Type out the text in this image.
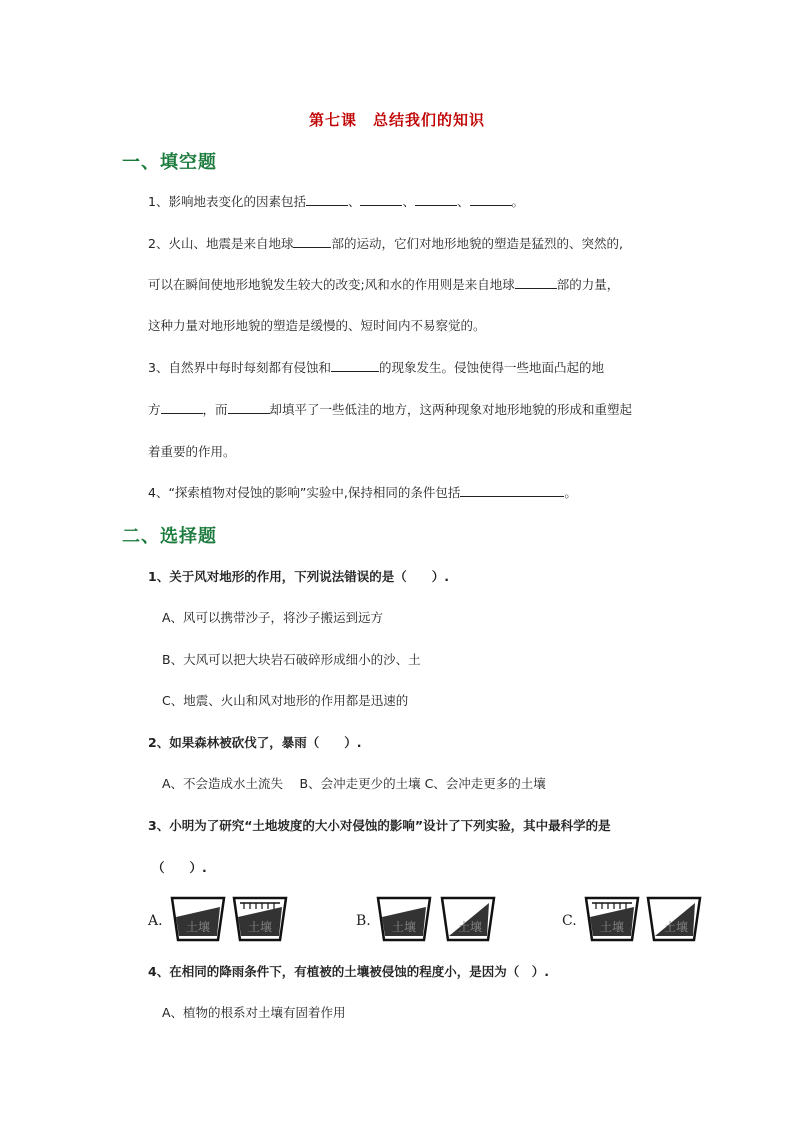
第七课　总结我们的知识
一、填空题
1、影响地表变化的因素包括	、	、	、	。
2、火山、地震是来自地球	部的运动，它们对地形地貌的塑造是猛烈的、突然的,
可以在瞬间使地形地貌发生较大的改变;风和水的作用则是来自地球	部的力量，
这种力量对地形地貌的塑造是缓慢的、短时间内不易察觉的。
3、自然界中每时每刻都有侵蚀和	的现象发生。侵蚀使得一些地面凸起的地
方	，而	却填平了一些低洼的地方，这两种现象对地形地貌的形成和重塑起
着重要的作用。
4、“探索植物对侵蚀的影响”实验中,保持相同的条件包括	。
二、选择题
1、关于风对地形的作用，下列说法错误的是（　　）.
A、风可以携带沙子，将沙子搬运到远方
B、大风可以把大块岩石破碎形成细小的沙、土
C、地震、火山和风对地形的作用都是迅速的
2、如果森林被砍伐了，暴雨（　　）.
A、不会造成水土流失　 B、会冲走更少的土壤 C、会冲走更多的土壤
3、小明为了研究“土地坡度的大小对侵蚀的影响”设计了下列实验，其中最科学的是
（　　）.
A.	B.	C.
土壤	土壤	土壤	土壤	土壤	土壤
4、在相同的降雨条件下，有植被的土壤被侵蚀的程度小，是因为（　）.
A、植物的根系对土壤有固着作用
